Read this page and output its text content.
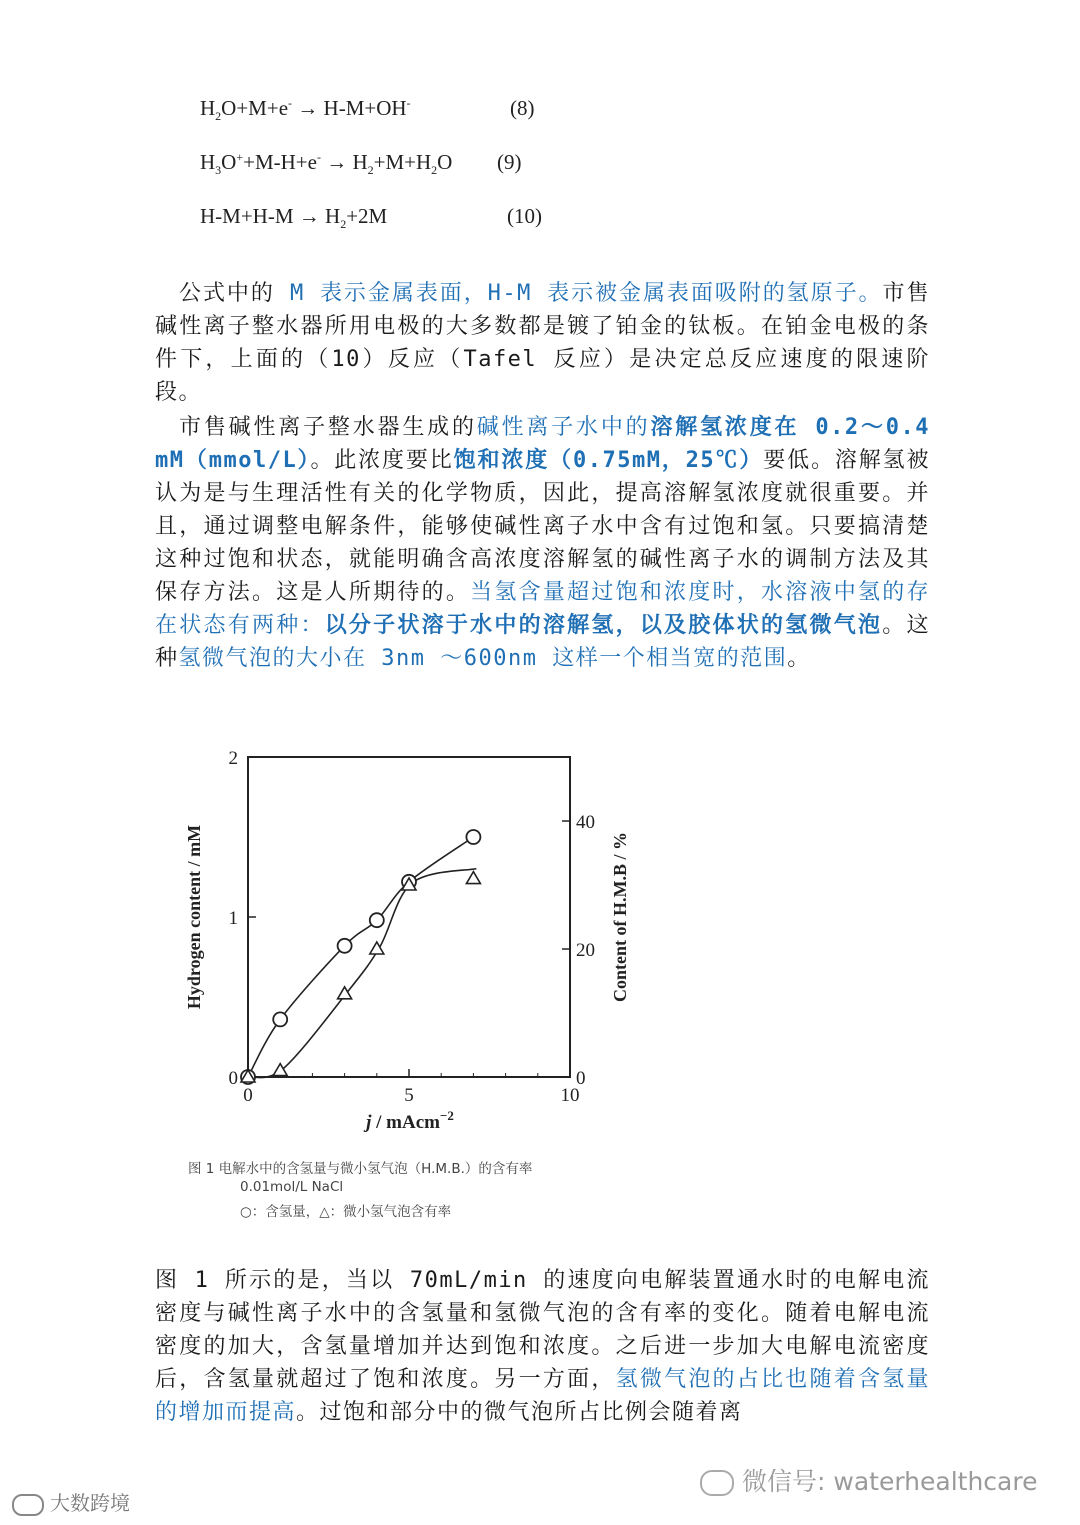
$H_2O+M+e^- \to H-M+OH^-$	(8)
$H_3O^++M-H+e^- \to H_2+M+H_2O$ (9)
$H-M+H-M \to H_2+2M$	(10)

公式中的 M 表示金属表面，H-M 表示被金属表面吸附的氢原子。市售碱性离子整水器所用电极的大多数都是镀了铂金的钛板。在铂金电极的条件下，上面的（10）反应（Tafel 反应）是决定总反应速度的限速阶段。

市售碱性离子整水器生成的碱性离子水中的溶解氢浓度在 0.2～0.4 mM（mmol/L）。此浓度要比饱和浓度（0.75mM，25℃）要低。溶解氢被认为是与生理活性有关的化学物质，因此，提高溶解氢浓度就很重要。并且，通过调整电解条件，能够使碱性离子水中含有过饱和氢。只要搞清楚这种过饱和状态，就能明确含高浓度溶解氢的碱性离子水的调制方法及其保存方法。这是人所期待的。当氢含量超过饱和浓度时，水溶液中氢的存在状态有两种：以分子状溶于水中的溶解氢，以及胶体状的氢微气泡。这种氢微气泡的大小在 3nm ～600nm 这样一个相当宽的范围。

0	5	10
0
1
2
0
20
40
Hydrogen content / mM	Content of H.M.B / %
j / mAcm$^{-2}$
图 1 电解水中的含氢量与微小氢气泡（H.M.B.）的含有率
0.01mol/L NaCl
○：含氢量，△：微小氢气泡含有率

图 1 所示的是，当以 70mL/min 的速度向电解装置通水时的电解电流密度与碱性离子水中的含氢量和氢微气泡的含有率的变化。随着电解电流密度的加大，含氢量增加并达到饱和浓度。之后进一步加大电解电流密度后，含氢量就超过了饱和浓度。另一方面，氢微气泡的占比也随着含氢量的增加而提高。过饱和部分中的微气泡所占比例会随着离

微信号: waterhealthcare
大数跨境
